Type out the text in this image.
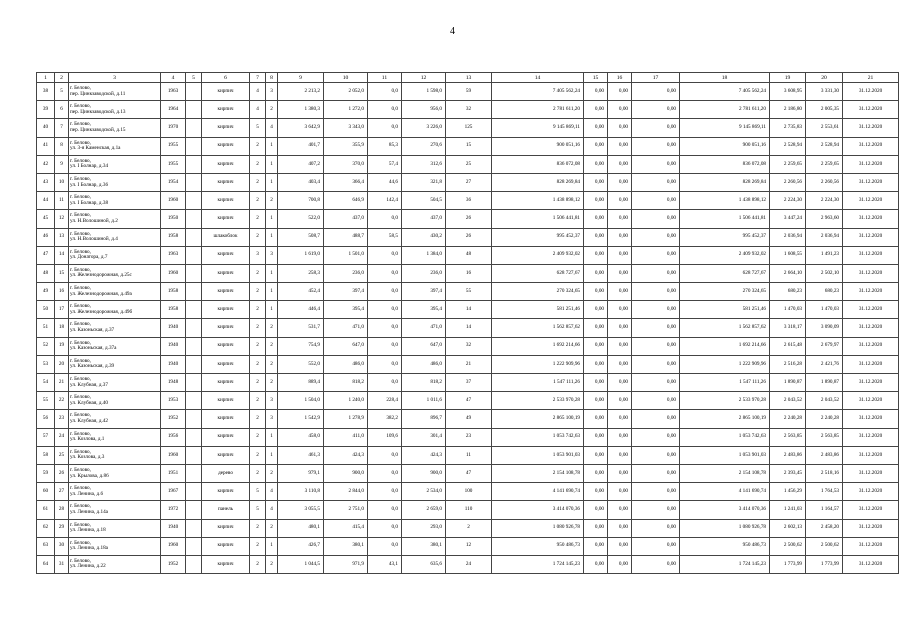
4
1	2	3	4	5	6	7	8	9	10	11	12	13	14	15	16	17	18	19	20	21
38	5	г. Белово,
пер. Цинкзаводской, д.11	1963		кирпич	4	3	2 213,2	2 052,0	0,0	1 598,0	59	7 405 562,24	0,00	0,00	0,00	7 405 562,24	3 608,95	3 331,30	31.12.2020
39	6	г. Белово,
пер. Цинкзаводской, д.13	1964		кирпич	4	2	1 380,3	1 272,0	0,0	956,0	32	2 781 611,20	0,00	0,00	0,00	2 781 611,20	2 186,80	2 005,35	31.12.2020
40	7	г. Белово,
пер. Цинкзаводской, д.15	1970		кирпич	5	4	3 642,9	3 343,0	0,0	3 226,0	125	9 145 869,11	0,00	0,00	0,00	9 145 869,11	2 735,83	2 553,61	31.12.2020
41	8	г. Белово,
ул. 3-я Каменская, д.1а	1955		кирпич	2	1	401,7	355,9	85,3	270,6	15	900 051,16	0,00	0,00	0,00	900 051,16	2 528,94	2 528,94	31.12.2020
42	9	г. Белово,
ул. I Болнар, д.34	1955		кирпич	2	1	407,2	370,0	57,4	312,6	25	836 072,08	0,00	0,00	0,00	836 072,08	2 259,65	2 259,65	31.12.2020
43	10	г. Белово,
ул. I Болнар, д.36	1954		кирпич	2	1	403,4	366,4	44,6	321,8	27	828 269,84	0,00	0,00	0,00	828 269,84	2 260,56	2 260,56	31.12.2020
44	11	г. Белово,
ул. I Болнар, д.38	1960		кирпич	2	2	700,8	646,9	142,4	504,5	36	1 438 898,12	0,00	0,00	0,00	1 438 898,12	2 224,30	2 224,30	31.12.2020
45	12	г. Белово,
ул. Н.Волошиной, д.2	1950		кирпич	2	1	522,0	437,0	0,0	437,0	26	1 506 441,81	0,00	0,00	0,00	1 506 441,81	3 447,24	2 963,60	31.12.2020
46	13	г. Белово,
ул. Н.Волошиной, д.4	1958		шлакоблок	2	1	508,7	488,7	58,5	430,2	26	995 452,37	0,00	0,00	0,00	995 452,37	2 036,94	2 036,94	31.12.2020
47	14	г. Белово,
ул. Донатора, д.7	1963		кирпич	3	3	1 619,0	1 501,0	0,0	1 384,0	48	2 409 932,02	0,00	0,00	0,00	2 409 932,02	1 608,55	1 491,23	31.12.2020
48	15	г. Белово,
ул. Железнодорожная, д.25с	1960		кирпич	2	1	258,3	236,0	0,0	236,0	16	628 727,67	0,00	0,00	0,00	628 727,67	2 664,10	2 502,10	31.12.2020
49	16	г. Белово,
ул. Железнодорожная, д.49а	1958		кирпич	2	1	452,4	397,4	0,0	397,4	55	270 324,65	0,00	0,00	0,00	270 324,65	680,23	680,23	31.12.2020
50	17	г. Белово,
ул. Железнодорожная, д.49б	1958		кирпич	2	1	446,4	395,4	0,0	395,4	14	581 251,46	0,00	0,00	0,00	581 251,46	1 470,03	1 470,03	31.12.2020
51	18	г. Белово,
ул. Казоньская, д.37	1940		кирпич	2	2	531,7	471,0	0,0	471,0	14	1 562 857,62	0,00	0,00	0,00	1 562 857,62	3 318,17	3 090,09	31.12.2020
52	19	г. Белово,
ул. Казоньская, д.37а	1940		кирпич	2	2	754,9	647,0	0,0	647,0	32	1 692 214,66	0,00	0,00	0,00	1 692 214,66	2 615,48	2 679,97	31.12.2020
53	20	г. Белово,
ул. Казоньская, д.39	1940		кирпич	2	2	552,0	486,0	0,0	486,0	21	1 222 909,96	0,00	0,00	0,00	1 222 909,96	2 516,28	2 421,76	31.12.2020
54	21	г. Белово,
ул. Клубная, д.37	1948		кирпич	2	2	889,4	818,2	0,0	818,2	37	1 547 111,26	0,00	0,00	0,00	1 547 111,26	1 890,87	1 890,87	31.12.2020
55	22	г. Белово,
ул. Клубная, д.40	1953		кирпич	2	3	1 504,0	1 240,0	228,4	1 011,6	47	2 533 970,28	0,00	0,00	0,00	2 533 970,28	2 043,52	2 043,52	31.12.2020
56	23	г. Белово,
ул. Клубная, д.42	1952		кирпич	2	3	1 542,9	1 278,9	382,2	896,7	49	2 865 100,19	0,00	0,00	0,00	2 865 100,19	2 240,28	2 240,28	31.12.2020
57	24	г. Белово,
ул. Козлова, д.1	1956		кирпич	2	1	458,0	411,0	109,6	301,4	23	1 053 742,63	0,00	0,00	0,00	1 053 742,63	2 563,85	2 563,85	31.12.2020
58	25	г. Белово,
ул. Козлова, д.3	1960		кирпич	2	1	461,3	424,3	0,0	424,3	11	1 053 901,03	0,00	0,00	0,00	1 053 901,03	2 483,86	2 483,86	31.12.2020
59	26	г. Белово,
ул. Крылова, д.86	1951		дерево	2	2	979,1	900,0	0,0	900,0	47	2 154 108,78	0,00	0,00	0,00	2 154 108,78	2 393,45	2 518,16	31.12.2020
60	27	г. Белово,
ул. Ленина, д.6	1967		кирпич	5	4	3 110,8	2 844,0	0,0	2 534,0	100	4 141 690,74	0,00	0,00	0,00	4 141 690,74	1 456,29	1 764,53	31.12.2020
61	28	г. Белово,
ул. Ленина, д.14а	1972		панель	5	4	3 055,5	2 751,0	0,0	2 659,0	110	3 414 070,36	0,00	0,00	0,00	3 414 070,36	1 241,03	1 164,57	31.12.2020
62	29	г. Белово,
ул. Ленина, д.18	1940		кирпич	2	2	480,1	415,4	0,0	293,0	2	1 080 926,78	0,00	0,00	0,00	1 080 926,78	2 602,13	2 458,20	31.12.2020
63	30	г. Белово,
ул. Ленина, д.18а	1960		кирпич	2	1	426,7	380,1	0,0	380,1	12	950 486,73	0,00	0,00	0,00	950 486,73	2 500,62	2 500,62	31.12.2020
64	31	г. Белово,
ул. Ленина, д.22	1952		кирпич	2	2	1 044,5	971,9	43,1	635,6	24	1 724 145,23	0,00	0,00	0,00	1 724 145,23	1 773,99	1 773,99	31.12.2020
